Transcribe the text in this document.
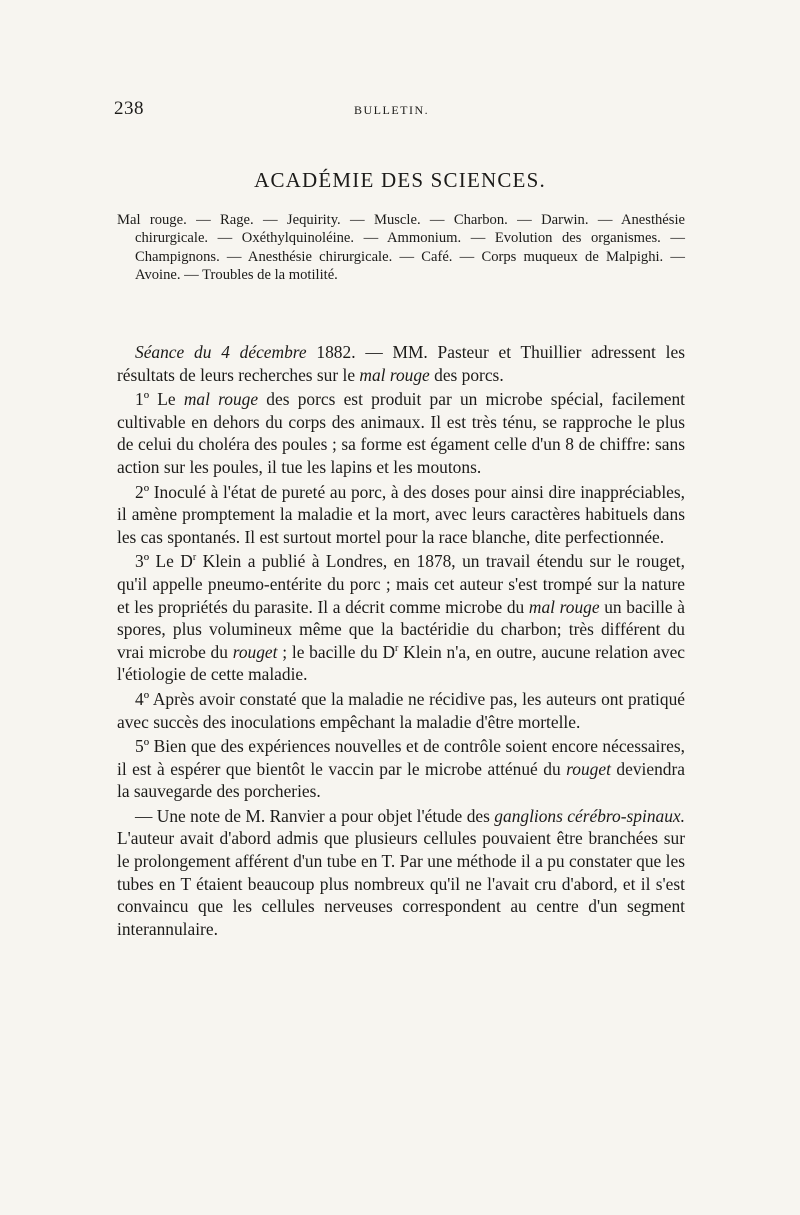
238	BULLETIN.
ACADÉMIE DES SCIENCES.

Mal rouge. — Rage. — Jequirity. — Muscle. — Charbon. — Darwin. — Anesthésie chirurgicale. — Oxéthylquinoléine. — Ammonium. — Evolution des organismes. — Champignons. — Anesthésie chirurgicale. — Café. — Corps muqueux de Malpighi. — Avoine. — Troubles de la motilité.

Séance du 4 décembre 1882. — MM. Pasteur et Thuillier adressent les résultats de leurs recherches sur le mal rouge des porcs.

1º Le mal rouge des porcs est produit par un microbe spécial, facilement cultivable en dehors du corps des animaux. Il est très ténu, se rapproche le plus de celui du choléra des poules ; sa forme est égament celle d'un 8 de chiffre: sans action sur les poules, il tue les lapins et les moutons.

2º Inoculé à l'état de pureté au porc, à des doses pour ainsi dire inappréciables, il amène promptement la maladie et la mort, avec leurs caractères habituels dans les cas spontanés. Il est surtout mortel pour la race blanche, dite perfectionnée.

3º Le $D^r$ Klein a publié à Londres, en 1878, un travail étendu sur le rouget, qu'il appelle pneumo-entérite du porc ; mais cet auteur s'est trompé sur la nature et les propriétés du parasite. Il a décrit comme microbe du mal rouge un bacille à spores, plus volumineux même que la bactéridie du charbon; très différent du vrai microbe du rouget ; le bacille du $D^r$ Klein n'a, en outre, aucune relation avec l'étiologie de cette maladie.

4º Après avoir constaté que la maladie ne récidive pas, les auteurs ont pratiqué avec succès des inoculations empêchant la maladie d'être mortelle.

5º Bien que des expériences nouvelles et de contrôle soient encore nécessaires, il est à espérer que bientôt le vaccin par le microbe atténué du rouget deviendra la sauvegarde des porcheries.

— Une note de M. Ranvier a pour objet l'étude des ganglions cérébro-spinaux. L'auteur avait d'abord admis que plusieurs cellules pouvaient être branchées sur le prolongement afférent d'un tube en T. Par une méthode il a pu constater que les tubes en T étaient beaucoup plus nombreux qu'il ne l'avait cru d'abord, et il s'est convaincu que les cellules nerveuses correspondent au centre d'un segment interannulaire.
